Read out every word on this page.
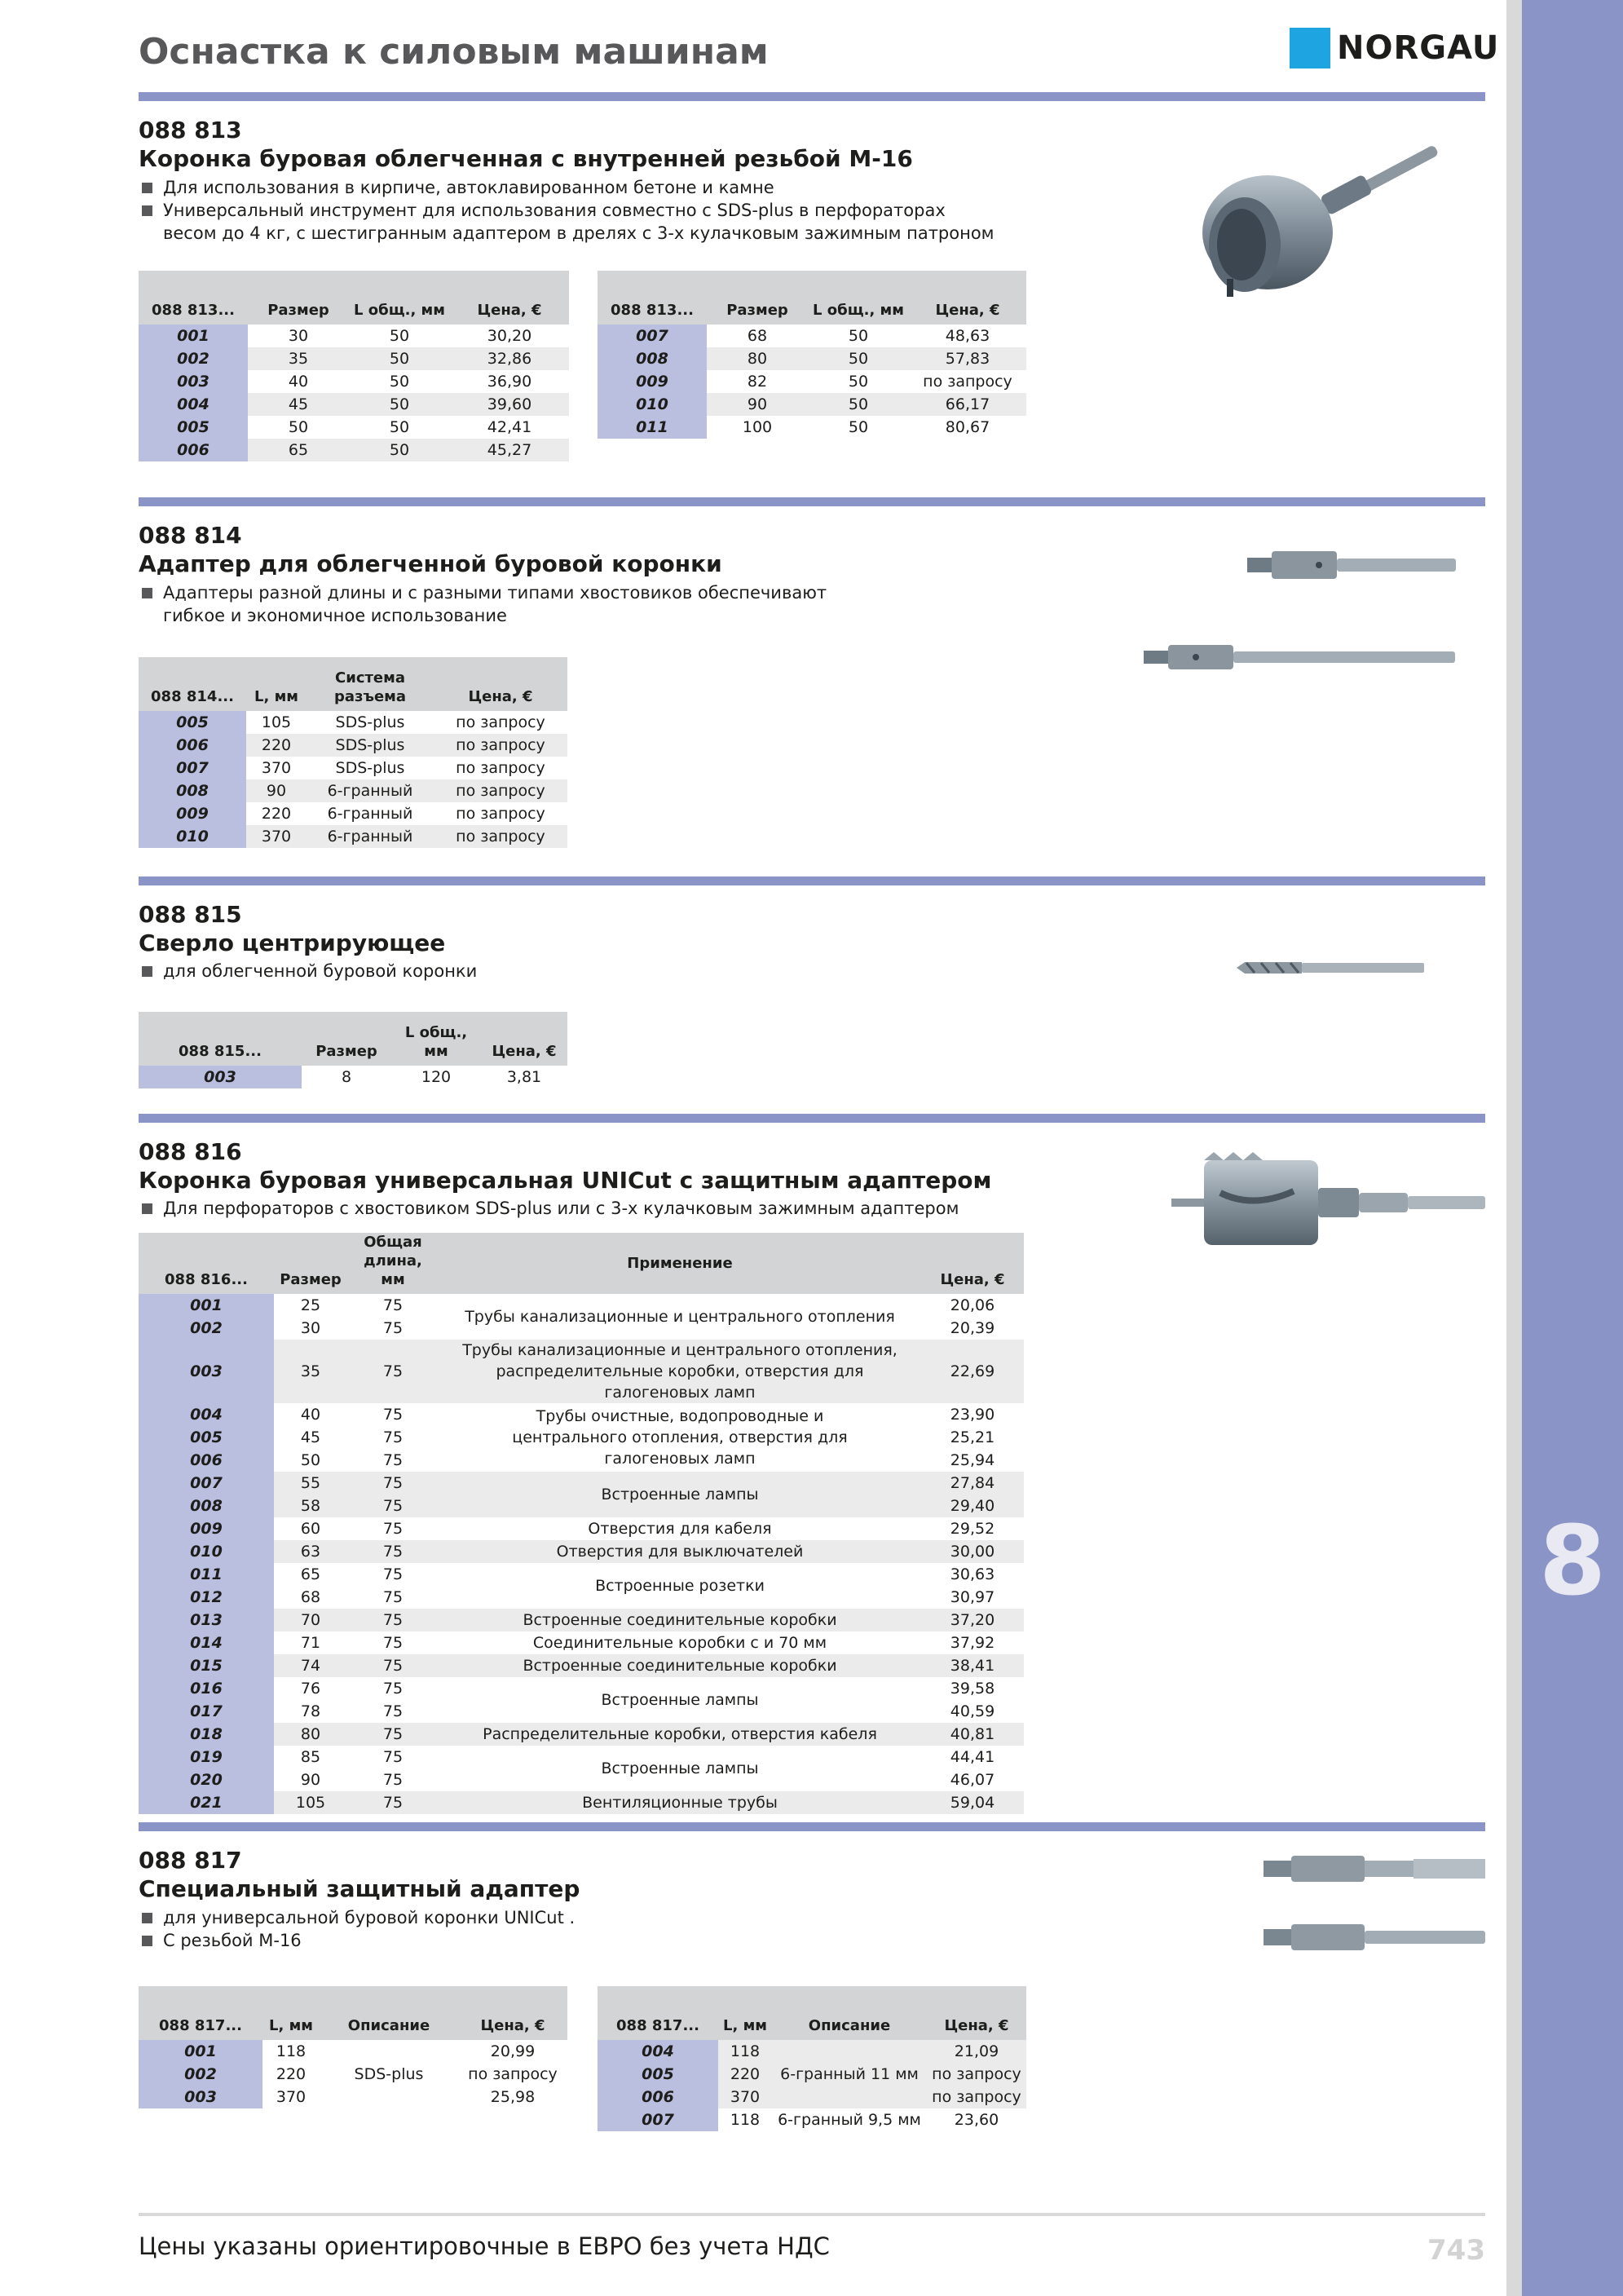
8
Оснастка к силовым машинам	NORGAU
088 813
Коронка буровая облегченная с внутренней резьбой М-16
Для использования в кирпиче, автоклавированном бетоне и камне
Универсальный инструмент для использования совместно с SDS-plus в перфораторах
весом до 4 кг, с шестигранным адаптером в дрелях с 3-х кулачковым зажимным патроном
088 813...	Размер	L общ., мм	Цена, €
001	30	50	30,20
002	35	50	32,86
003	40	50	36,90
004	45	50	39,60
005	50	50	42,41
006	65	50	45,27
088 813...	Размер	L общ., мм	Цена, €
007	68	50	48,63
008	80	50	57,83
009	82	50	по запросу
010	90	50	66,17
011	100	50	80,67
088 814
Адаптер для облегченной буровой коронки
Адаптеры разной длины и с разными типами хвостовиков обеспечивают
гибкое и экономичное использование
088 814...	L, мм	Система разъема	Цена, €
005	105	SDS-plus	по запросу
006	220	SDS-plus	по запросу
007	370	SDS-plus	по запросу
008	90	6-гранный	по запросу
009	220	6-гранный	по запросу
010	370	6-гранный	по запросу
088 815
Сверло центрирующее
для облегченной буровой коронки
088 815...	Размер	L общ., мм	Цена, €
003	8	120	3,81
088 816
Коронка буровая универсальная UNICut с защитным адаптером
Для перфораторов с хвостовиком SDS-plus или с 3-х кулачковым зажимным адаптером
088 816...	Размер	Общая длина, мм	Применение	Цена, €
001	25	75	Трубы канализационные и центрального отопления	20,06
002	30	75		20,39
003	35	75	Трубы канализационные и центрального отопления, распределительные коробки, отверстия для галогеновых ламп	22,69
004	40	75	Трубы очистные, водопроводные и центрального отопления, отверстия для галогеновых ламп	23,90
005	45	75		25,21
006	50	75		25,94
007	55	75	Встроенные лампы	27,84
008	58	75		29,40
009	60	75	Отверстия для кабеля	29,52
010	63	75	Отверстия для выключателей	30,00
011	65	75	Встроенные розетки	30,63
012	68	75		30,97
013	70	75	Встроенные соединительные коробки	37,20
014	71	75	Соединительные коробки с и 70 мм	37,92
015	74	75	Встроенные соединительные коробки	38,41
016	76	75	Встроенные лампы	39,58
017	78	75		40,59
018	80	75	Распределительные коробки, отверстия кабеля	40,81
019	85	75	Встроенные лампы	44,41
020	90	75		46,07
021	105	75	Вентиляционные трубы	59,04
088 817
Специальный защитный адаптер
для универсальной буровой коронки UNICut .
С резьбой М-16
088 817...	L, мм	Описание	Цена, €
001	118	SDS-plus	20,99
002	220		по запросу
003	370		25,98
088 817...	L, мм	Описание	Цена, €
004	118	6-гранный 11 мм	21,09
005	220		по запросу
006	370		по запросу
007	118	6-гранный 9,5 мм	23,60
Цены указаны ориентировочные в ЕВРО без учета НДС	743
